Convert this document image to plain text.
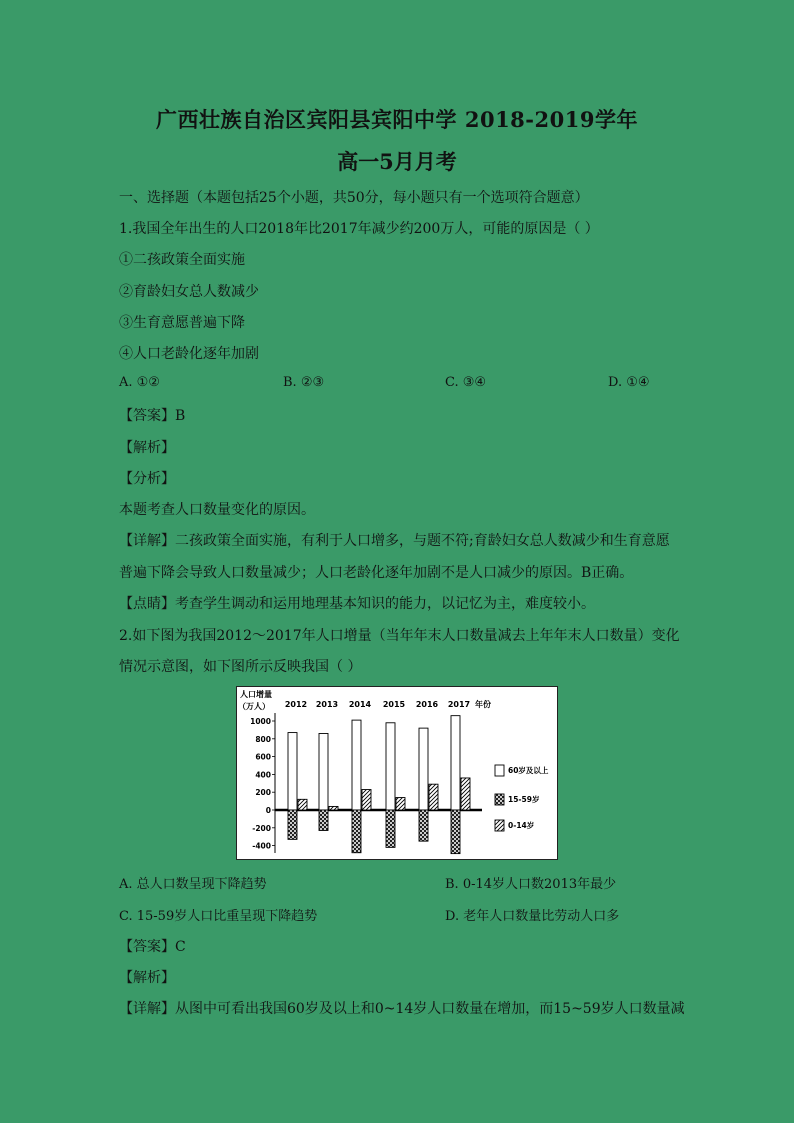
广西壮族自治区宾阳县宾阳中学 2018-2019学年
高一5月月考
一、选择题（本题包括25个小题，共50分，每小题只有一个选项符合题意）
1.我国全年出生的人口2018年比2017年减少约200万人，可能的原因是（ ）
①二孩政策全面实施
②育龄妇女总人数减少
③生育意愿普遍下降
④人口老龄化逐年加剧
A. ①②	B. ②③	C. ③④	D. ①④
【答案】B
【解析】
【分析】
本题考查人口数量变化的原因。
【详解】二孩政策全面实施，有利于人口增多，与题不符;育龄妇女总人数减少和生育意愿
普遍下降会导致人口数量减少；人口老龄化逐年加剧不是人口减少的原因。B正确。
【点睛】考查学生调动和运用地理基本知识的能力，以记忆为主，难度较小。
2.如下图为我国2012～2017年人口增量（当年年末人口数量减去上年年末人口数量）变化
情况示意图，如下图所示反映我国（ ）
人口增量
（万人）	年份
1000
800
600
400
200
0
-200
-400
2012 2013 2014 2015 2016 2017
60岁及以上
15-59岁
0-14岁
A. 总人口数呈现下降趋势	B. 0-14岁人口数2013年最少
C. 15-59岁人口比重呈现下降趋势	D. 老年人口数量比劳动人口多
【答案】C
【解析】
【详解】从图中可看出我国60岁及以上和0~14岁人口数量在增加，而15~59岁人口数量减
